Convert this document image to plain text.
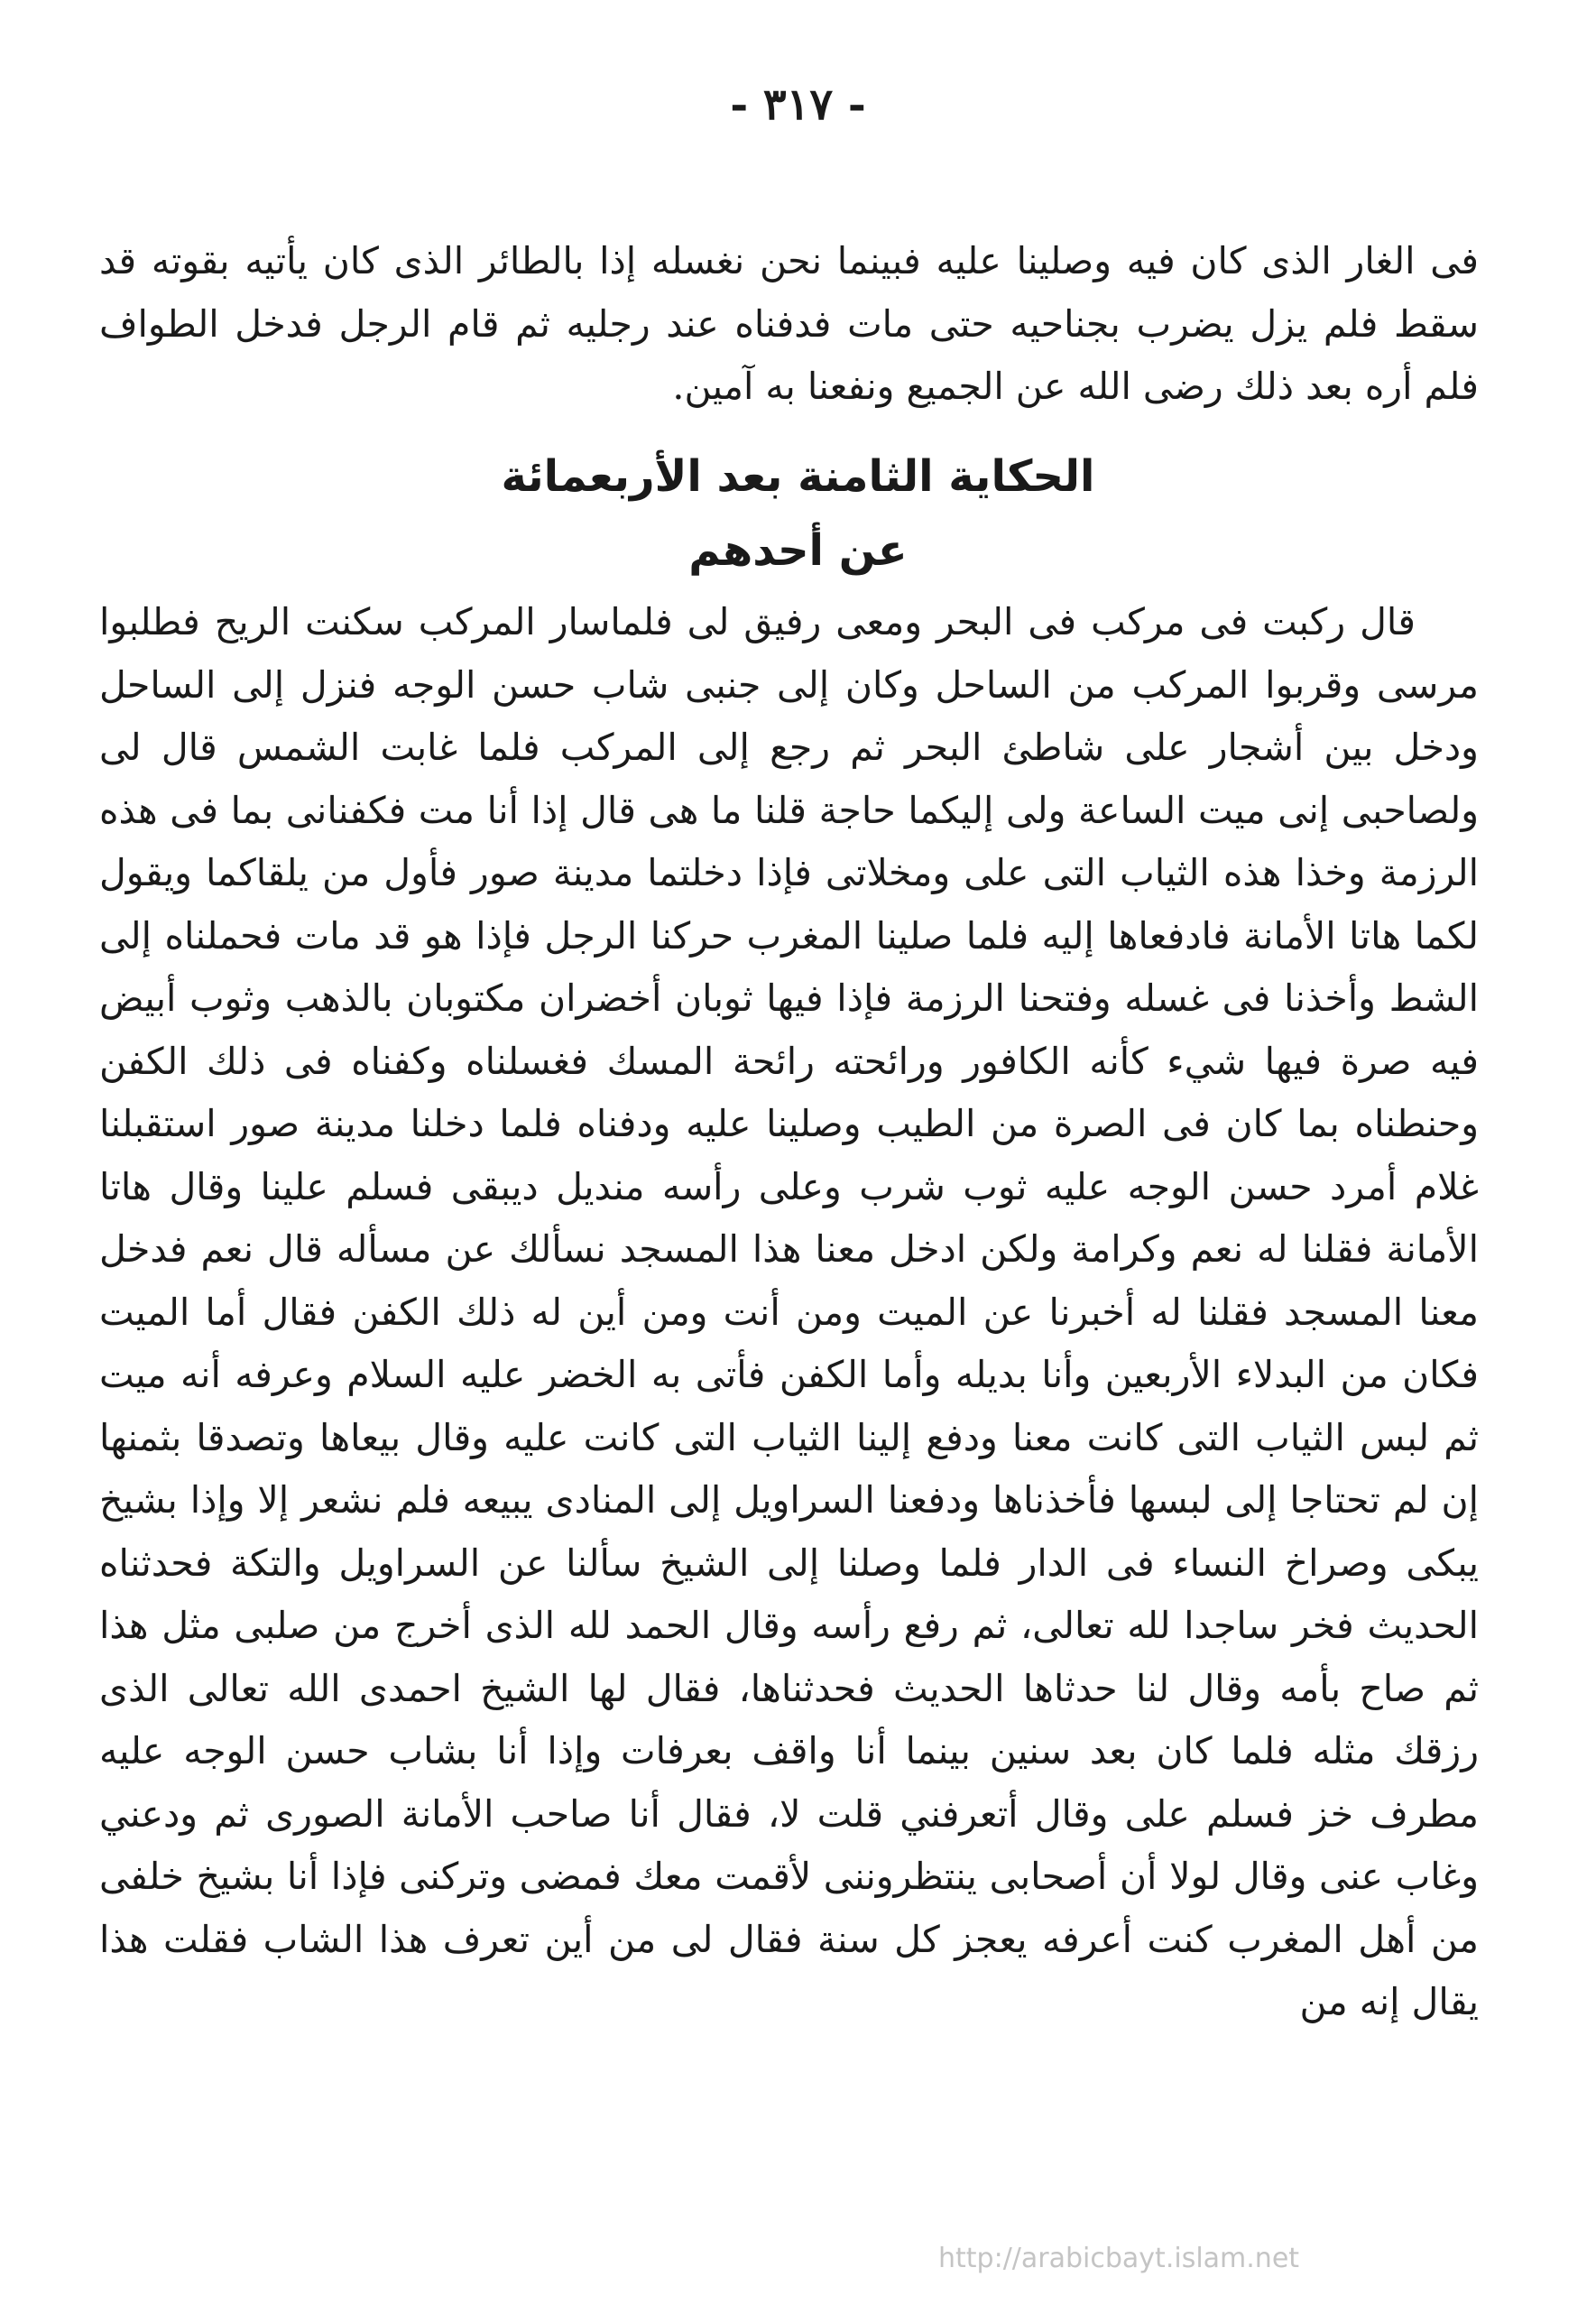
- ٣١٧ -

فى الغار الذى كان فيه وصلينا عليه فبينما نحن نغسله إذا بالطائر الذى كان يأتيه بقوته قد سقط فلم يزل يضرب بجناحيه حتى مات فدفناه عند رجليه ثم قام الرجل فدخل الطواف فلم أره بعد ذلك رضى الله عن الجميع ونفعنا به آمين.

الحكاية الثامنة بعد الأربعمائة
عن أحدهم

قال ركبت فى مركب فى البحر ومعى رفيق لى فلماسار المركب سكنت الريح فطلبوا مرسى وقربوا المركب من الساحل وكان إلى جنبى شاب حسن الوجه فنزل إلى الساحل ودخل بين أشجار على شاطئ البحر ثم رجع إلى المركب فلما غابت الشمس قال لى ولصاحبى إنى ميت الساعة ولى إليكما حاجة قلنا ما هى قال إذا أنا مت فكفنانى بما فى هذه الرزمة وخذا هذه الثياب التى على ومخلاتى فإذا دخلتما مدينة صور فأول من يلقاكما ويقول لكما هاتا الأمانة فادفعاها إليه فلما صلينا المغرب حركنا الرجل فإذا هو قد مات فحملناه إلى الشط وأخذنا فى غسله وفتحنا الرزمة فإذا فيها ثوبان أخضران مكتوبان بالذهب وثوب أبيض فيه صرة فيها شيء كأنه الكافور ورائحته رائحة المسك فغسلناه وكفناه فى ذلك الكفن وحنطناه بما كان فى الصرة من الطيب وصلينا عليه ودفناه فلما دخلنا مدينة صور استقبلنا غلام أمرد حسن الوجه عليه ثوب شرب وعلى رأسه منديل ديبقى فسلم علينا وقال هاتا الأمانة فقلنا له نعم وكرامة ولكن ادخل معنا هذا المسجد نسألك عن مسأله قال نعم فدخل معنا المسجد فقلنا له أخبرنا عن الميت ومن أنت ومن أين له ذلك الكفن فقال أما الميت فكان من البدلاء الأربعين وأنا بديله وأما الكفن فأتى به الخضر عليه السلام وعرفه أنه ميت ثم لبس الثياب التى كانت معنا ودفع إلينا الثياب التى كانت عليه وقال بيعاها وتصدقا بثمنها إن لم تحتاجا إلى لبسها فأخذناها ودفعنا السراويل إلى المنادى يبيعه فلم نشعر إلا وإذا بشيخ يبكى وصراخ النساء فى الدار فلما وصلنا إلى الشيخ سألنا عن السراويل والتكة فحدثناه الحديث فخر ساجدا لله تعالى، ثم رفع رأسه وقال الحمد لله الذى أخرج من صلبى مثل هذا ثم صاح بأمه وقال لنا حدثاها الحديث فحدثناها، فقال لها الشيخ احمدى الله تعالى الذى رزقك مثله فلما كان بعد سنين بينما أنا واقف بعرفات وإذا أنا بشاب حسن الوجه عليه مطرف خز فسلم على وقال أتعرفني قلت لا، فقال أنا صاحب الأمانة الصورى ثم ودعني وغاب عنى وقال لولا أن أصحابى ينتظروننى لأقمت معك فمضى وتركنى فإذا أنا بشيخ خلفى من أهل المغرب كنت أعرفه يعجز كل سنة فقال لى من أين تعرف هذا الشاب فقلت هذا يقال إنه من

http://arabicbayt.islam.net
